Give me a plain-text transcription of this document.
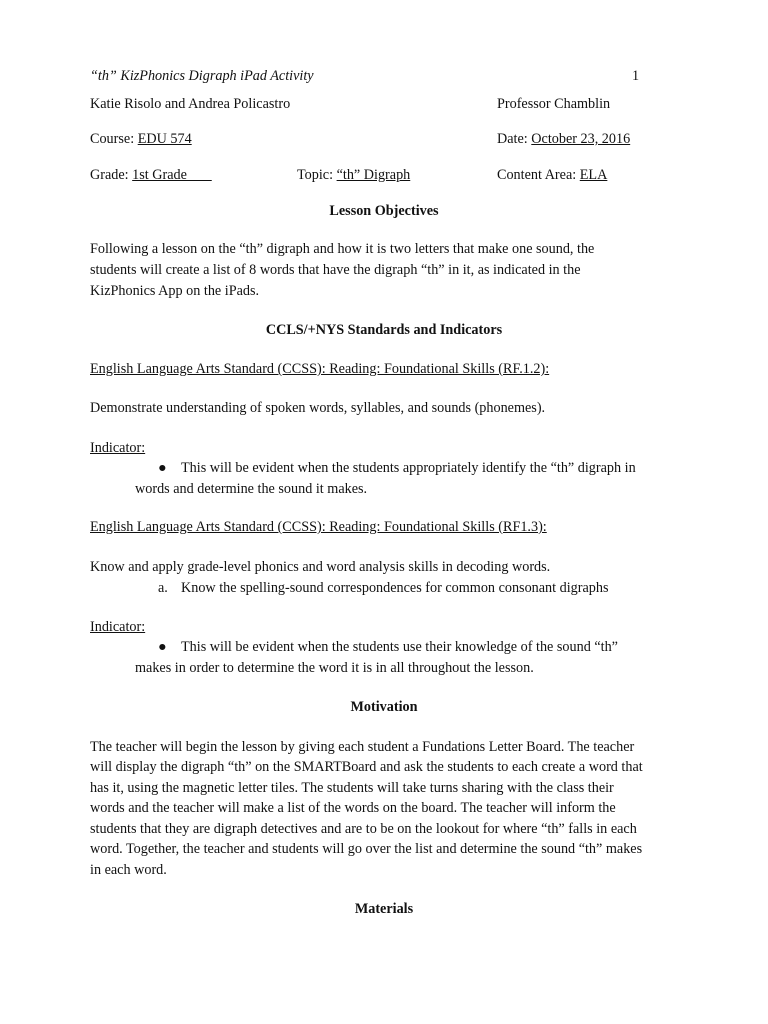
“th” KizPhonics Digraph iPad Activity	1
Katie Risolo and Andrea Policastro	Professor Chamblin
Course: EDU 574	Date: October 23, 2016
Grade: 1st Grade	Topic: “th” Digraph	Content Area: ELA
Lesson Objectives
Following a lesson on the “th” digraph and how it is two letters that make one sound, the
students will create a list of 8 words that have the digraph “th” in it, as indicated in the
KizPhonics App on the iPads.
CCLS/+NYS Standards and Indicators
English Language Arts Standard (CCSS): Reading: Foundational Skills (RF.1.2):
Demonstrate understanding of spoken words, syllables, and sounds (phonemes).
Indicator:
● This will be evident when the students appropriately identify the “th” digraph in
words and determine the sound it makes.
English Language Arts Standard (CCSS): Reading: Foundational Skills (RF1.3):
Know and apply grade-level phonics and word analysis skills in decoding words.
a. Know the spelling-sound correspondences for common consonant digraphs
Indicator:
● This will be evident when the students use their knowledge of the sound “th”
makes in order to determine the word it is in all throughout the lesson.
Motivation
The teacher will begin the lesson by giving each student a Fundations Letter Board. The teacher
will display the digraph “th” on the SMARTBoard and ask the students to each create a word that
has it, using the magnetic letter tiles. The students will take turns sharing with the class their
words and the teacher will make a list of the words on the board. The teacher will inform the
students that they are digraph detectives and are to be on the lookout for where “th” falls in each
word. Together, the teacher and students will go over the list and determine the sound “th” makes
in each word.
Materials
